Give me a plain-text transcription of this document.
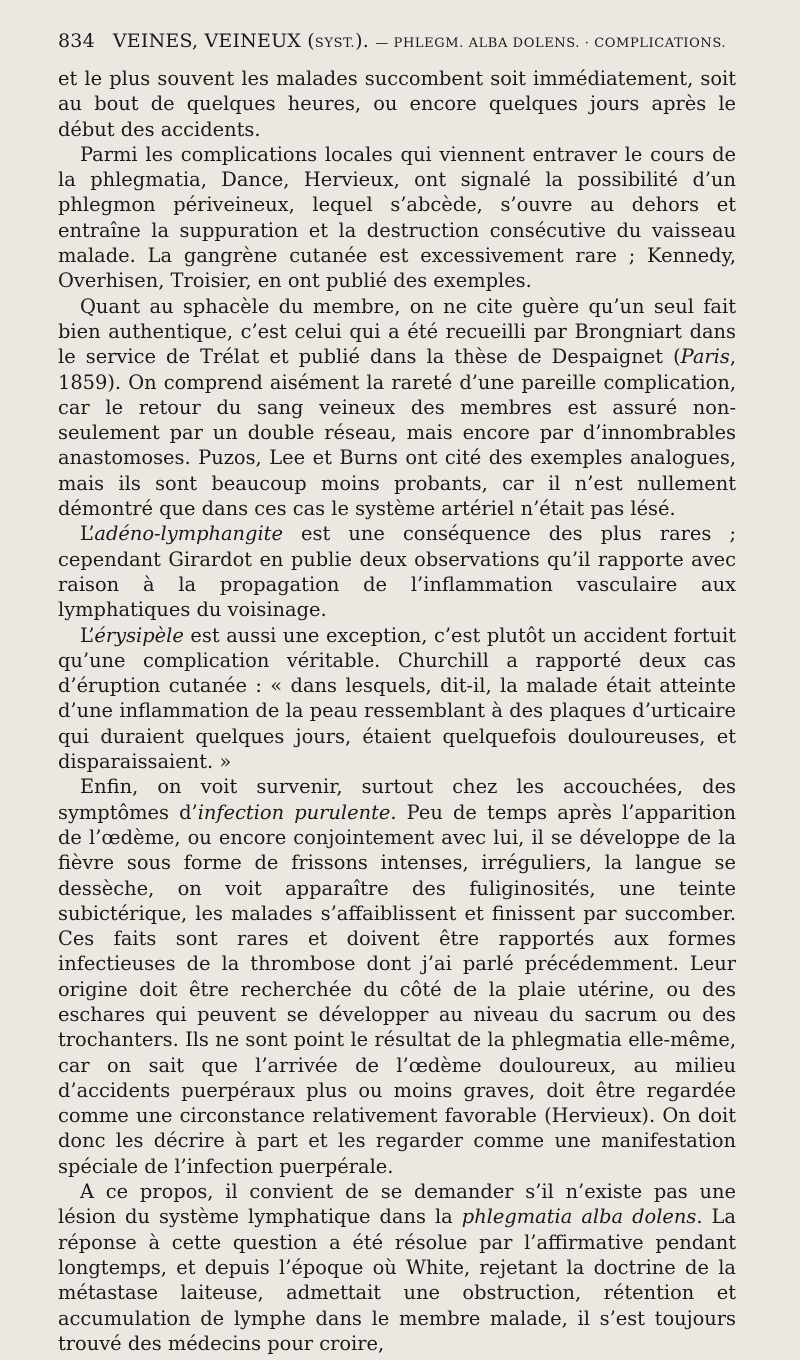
834 VEINES, VEINEUX (SYST.). — PHLEGM. ALBA DOLENS. · COMPLICATIONS.

et le plus souvent les malades succombent soit immédiatement, soit au bout de quelques heures, ou encore quelques jours après le début des accidents.

Parmi les complications locales qui viennent entraver le cours de la phlegmatia, Dance, Hervieux, ont signalé la possibilité d’un phlegmon périveineux, lequel s’abcède, s’ouvre au dehors et entraîne la suppuration et la destruction consécutive du vaisseau malade. La gangrène cutanée est excessivement rare ; Kennedy, Overhisen, Troisier, en ont publié des exemples.

Quant au sphacèle du membre, on ne cite guère qu’un seul fait bien authentique, c’est celui qui a été recueilli par Brongniart dans le service de Trélat et publié dans la thèse de Despaignet (Paris, 1859). On comprend aisément la rareté d’une pareille complication, car le retour du sang veineux des membres est assuré non-seulement par un double réseau, mais encore par d’innombrables anastomoses. Puzos, Lee et Burns ont cité des exemples analogues, mais ils sont beaucoup moins probants, car il n’est nullement démontré que dans ces cas le système artériel n’était pas lésé.

L’adéno-lymphangite est une conséquence des plus rares ; cependant Girardot en publie deux observations qu’il rapporte avec raison à la propagation de l’inflammation vasculaire aux lymphatiques du voisinage.

L’érysipèle est aussi une exception, c’est plutôt un accident fortuit qu’une complication véritable. Churchill a rapporté deux cas d’éruption cutanée : « dans lesquels, dit-il, la malade était atteinte d’une inflammation de la peau ressemblant à des plaques d’urticaire qui duraient quelques jours, étaient quelquefois douloureuses, et disparaissaient. »

Enfin, on voit survenir, surtout chez les accouchées, des symptômes d’infection purulente. Peu de temps après l’apparition de l’œdème, ou encore conjointement avec lui, il se développe de la fièvre sous forme de frissons intenses, irréguliers, la langue se dessèche, on voit apparaître des fuliginosités, une teinte subictérique, les malades s’affaiblissent et finissent par succomber. Ces faits sont rares et doivent être rapportés aux formes infectieuses de la thrombose dont j’ai parlé précédemment. Leur origine doit être recherchée du côté de la plaie utérine, ou des eschares qui peuvent se développer au niveau du sacrum ou des trochanters. Ils ne sont point le résultat de la phlegmatia elle-même, car on sait que l’arrivée de l’œdème douloureux, au milieu d’accidents puerpéraux plus ou moins graves, doit être regardée comme une circonstance relativement favorable (Hervieux). On doit donc les décrire à part et les regarder comme une manifestation spéciale de l’infection puerpérale.

A ce propos, il convient de se demander s’il n’existe pas une lésion du système lymphatique dans la phlegmatia alba dolens. La réponse à cette question a été résolue par l’affirmative pendant longtemps, et depuis l’époque où White, rejetant la doctrine de la métastase laiteuse, admettait une obstruction, rétention et accumulation de lymphe dans le membre malade, il s’est toujours trouvé des médecins pour croire,
